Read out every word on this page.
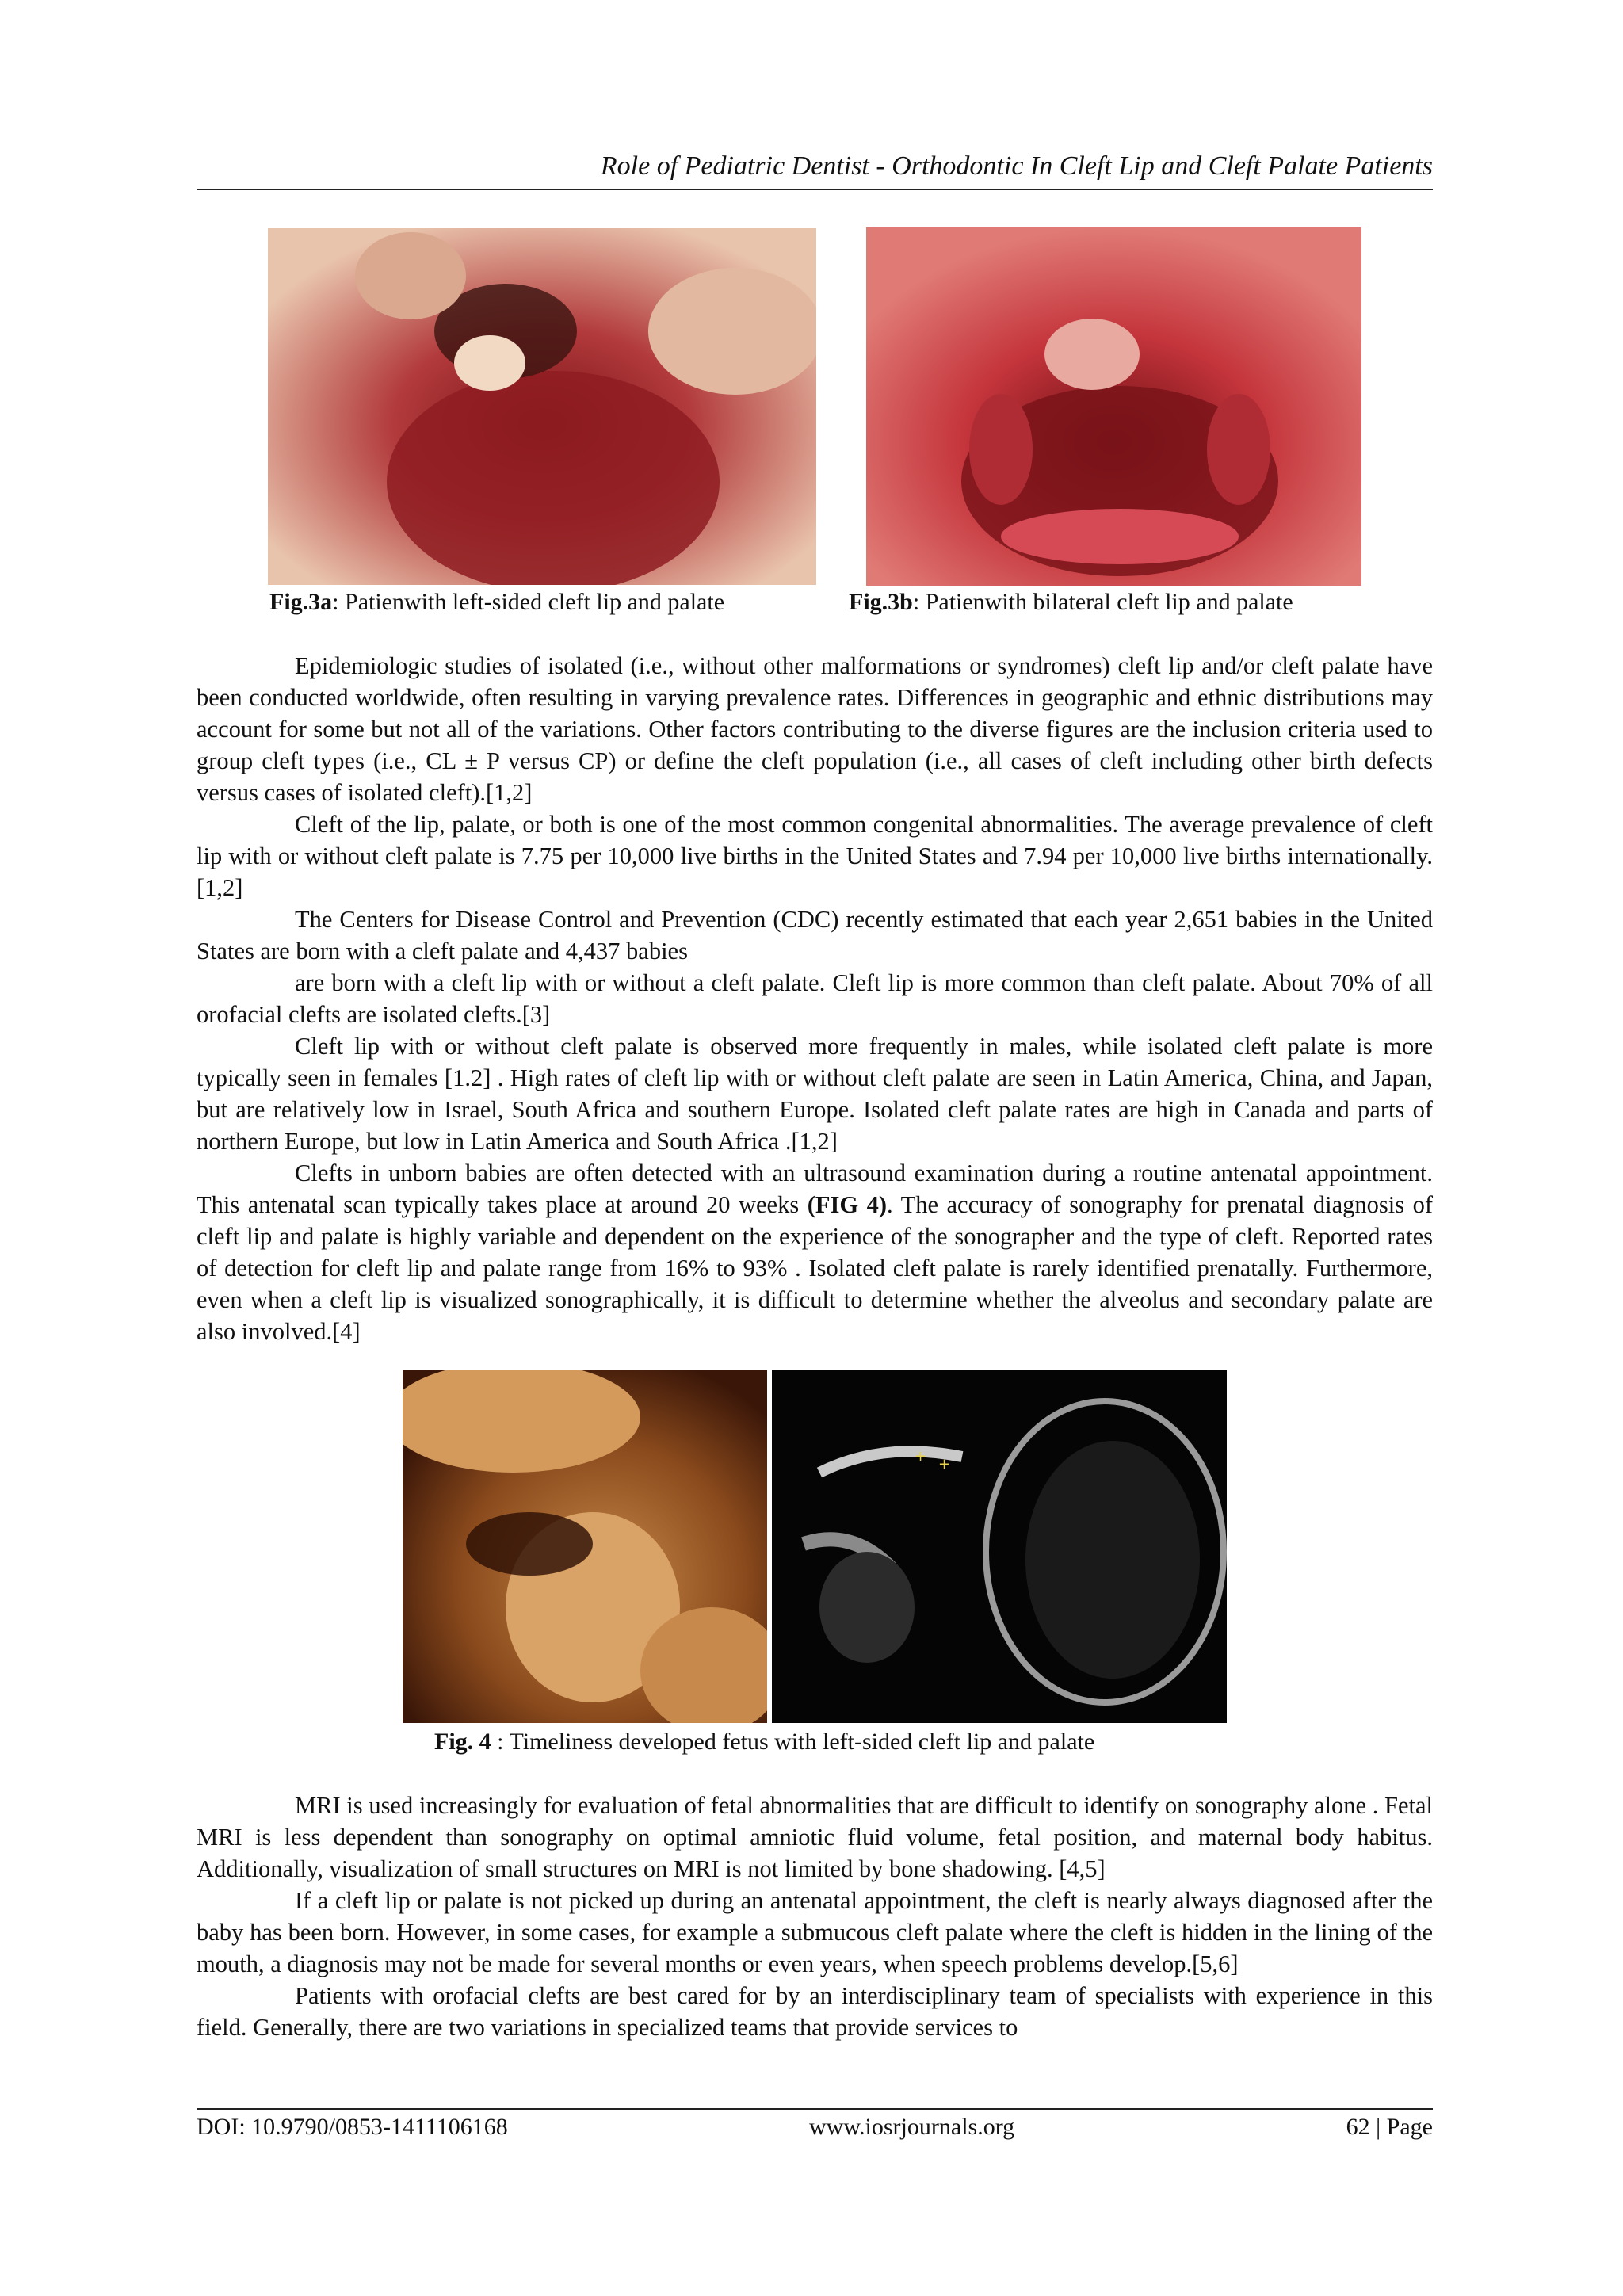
Role of Pediatric Dentist - Orthodontic In Cleft Lip and Cleft Palate Patients
Fig.3a: Patienwith left-sided cleft lip and palate	Fig.3b: Patienwith bilateral cleft lip and palate

Epidemiologic studies of isolated (i.e., without other malformations or syndromes) cleft lip and/or cleft palate have been conducted worldwide, often resulting in varying prevalence rates. Differences in geographic and ethnic distributions may account for some but not all of the variations. Other factors contributing to the diverse figures are the inclusion criteria used to group cleft types (i.e., CL ± P versus CP) or define the cleft population (i.e., all cases of cleft including other birth defects versus cases of isolated cleft).[1,2]

Cleft of the lip, palate, or both is one of the most common congenital abnormalities. The average prevalence of cleft lip with or without cleft palate is 7.75 per 10,000 live births in the United States and 7.94 per 10,000 live births internationally.[1,2]

The Centers for Disease Control and Prevention (CDC) recently estimated that each year 2,651 babies in the United States are born with a cleft palate and 4,437 babies

are born with a cleft lip with or without a cleft palate. Cleft lip is more common than cleft palate. About 70% of all orofacial clefts are isolated clefts.[3]

Cleft lip with or without cleft palate is observed more frequently in males, while isolated cleft palate is more typically seen in females [1.2] . High rates of cleft lip with or without cleft palate are seen in Latin America, China, and Japan, but are relatively low in Israel, South Africa and southern Europe. Isolated cleft palate rates are high in Canada and parts of northern Europe, but low in Latin America and South Africa .[1,2]

Clefts in unborn babies are often detected with an ultrasound examination during a routine antenatal appointment. This antenatal scan typically takes place at around 20 weeks (FIG 4). The accuracy of sonography for prenatal diagnosis of cleft lip and palate is highly variable and dependent on the experience of the sonographer and the type of cleft. Reported rates of detection for cleft lip and palate range from 16% to 93% . Isolated cleft palate is rarely identified prenatally. Furthermore, even when a cleft lip is visualized sonographically, it is difficult to determine whether the alveolus and secondary palate are also involved.[4]

+ +
Fig. 4 : Timeliness developed fetus with left-sided cleft lip and palate

MRI is used increasingly for evaluation of fetal abnormalities that are difficult to identify on sonography alone . Fetal MRI is less dependent than sonography on optimal amniotic fluid volume, fetal position, and maternal body habitus. Additionally, visualization of small structures on MRI is not limited by bone shadowing. [4,5]

If a cleft lip or palate is not picked up during an antenatal appointment, the cleft is nearly always diagnosed after the baby has been born. However, in some cases, for example a submucous cleft palate where the cleft is hidden in the lining of the mouth, a diagnosis may not be made for several months or even years, when speech problems develop.[5,6]

Patients with orofacial clefts are best cared for by an interdisciplinary team of specialists with experience in this field. Generally, there are two variations in specialized teams that provide services to

DOI: 10.9790/0853-1411106168	www.iosrjournals.org	62 | Page
